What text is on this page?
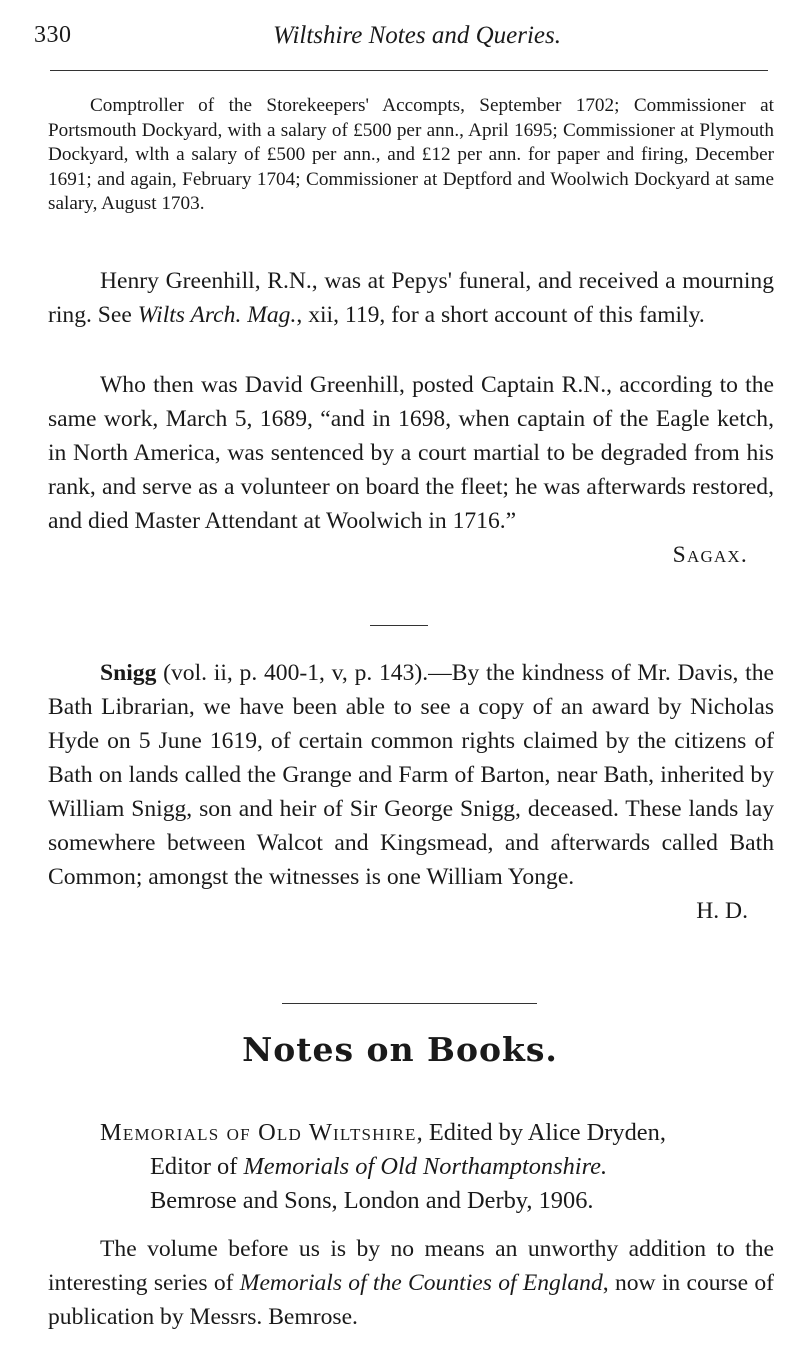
330	Wiltshire Notes and Queries.
Comptroller of the Storekeepers' Accompts, September 1702; Commissioner at Portsmouth Dockyard, with a salary of £500 per ann., April 1695; Commissioner at Plymouth Dockyard, wlth a salary of £500 per ann., and £12 per ann. for paper and firing, December 1691; and again, February 1704; Commissioner at Deptford and Woolwich Dockyard at same salary, August 1703.

Henry Greenhill, R.N., was at Pepys' funeral, and received a mourning ring. See Wilts Arch. Mag., xii, 119, for a short account of this family.

Who then was David Greenhill, posted Captain R.N., according to the same work, March 5, 1689, “and in 1698, when captain of the Eagle ketch, in North America, was sentenced by a court martial to be degraded from his rank, and serve as a volunteer on board the fleet; he was afterwards restored, and died Master Attendant at Woolwich in 1716.”

Sagax.

Snigg (vol. ii, p. 400-1, v, p. 143).—By the kindness of Mr. Davis, the Bath Librarian, we have been able to see a copy of an award by Nicholas Hyde on 5 June 1619, of certain common rights claimed by the citizens of Bath on lands called the Grange and Farm of Barton, near Bath, inherited by William Snigg, son and heir of Sir George Snigg, deceased. These lands lay somewhere between Walcot and Kingsmead, and afterwards called Bath Common; amongst the witnesses is one William Yonge.

H. D.
Notes on Books.
Memorials of Old Wiltshire, Edited by Alice Dryden,
Editor of Memorials of Old Northamptonshire.
Bemrose and Sons, London and Derby, 1906.

The volume before us is by no means an unworthy addition to the interesting series of Memorials of the Counties of England, now in course of publication by Messrs. Bemrose.
